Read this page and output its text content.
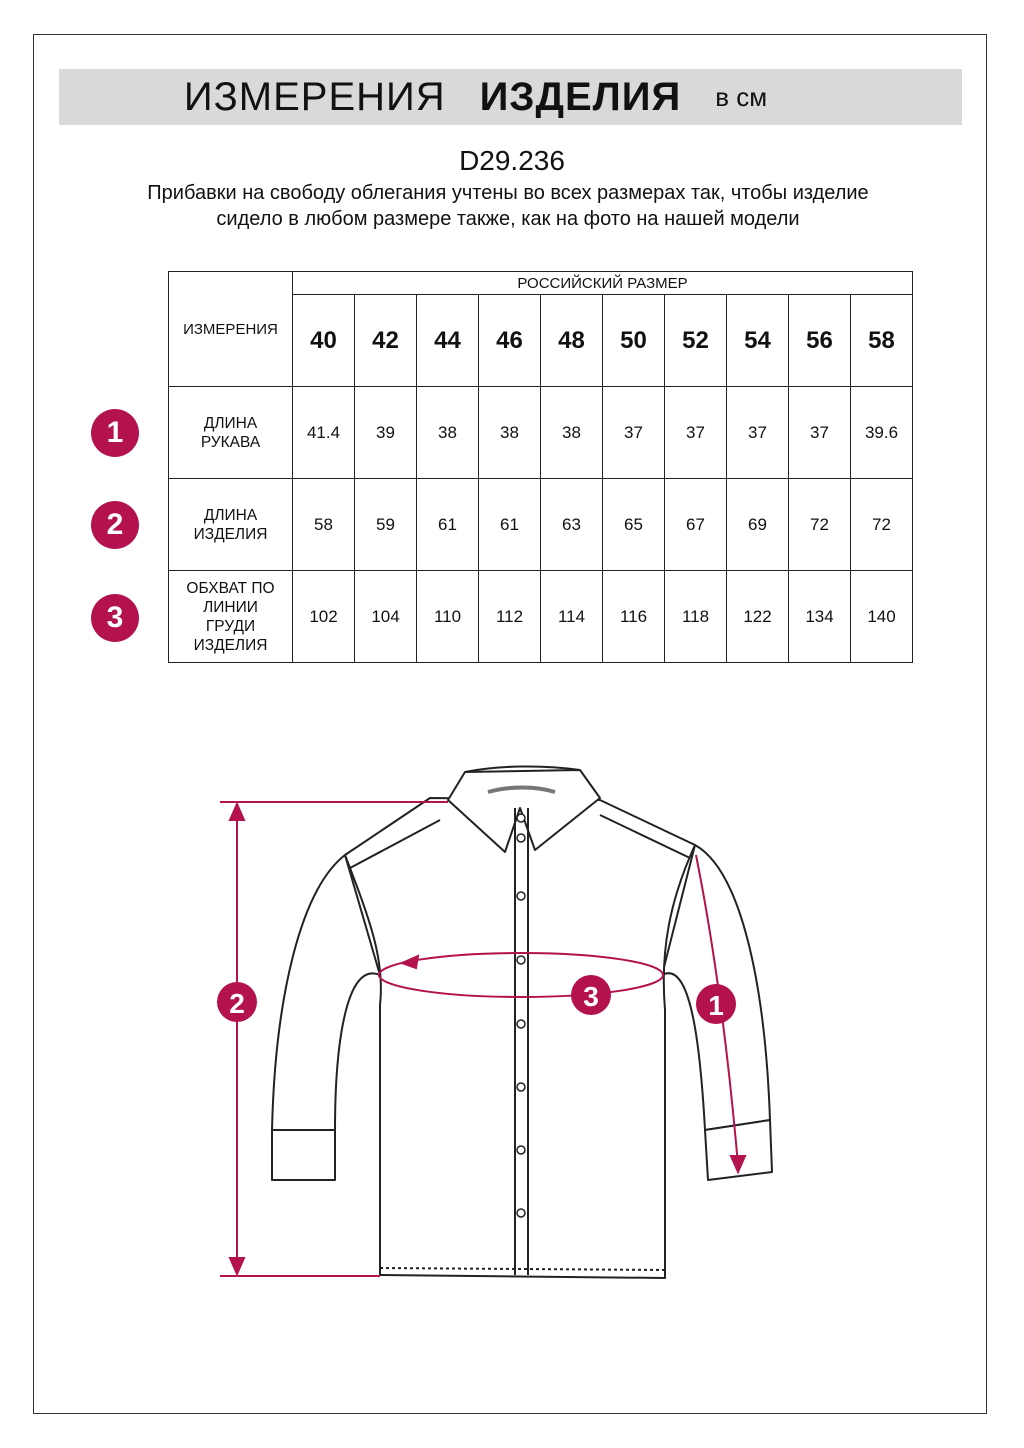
ИЗМЕРЕНИЯ ИЗДЕЛИЯ в см
D29.236
Прибавки на свободу облегания учтены во всех размерах так, чтобы изделие сидело в любом размере также, как на фото на нашей модели
ИЗМЕРЕНИЯ	РОССИЙСКИЙ РАЗМЕР									
	40	42	44	46	48	50	52	54	56	58
ДЛИНА
РУКАВА	41.4	39	38	38	38	37	37	37	37	39.6
ДЛИНА
ИЗДЕЛИЯ	58	59	61	61	63	65	67	69	72	72
ОБХВАТ ПО
ЛИНИИ
ГРУДИ
ИЗДЕЛИЯ	102	104	110	112	114	116	118	122	134	140
1
2
3
2	3	1
